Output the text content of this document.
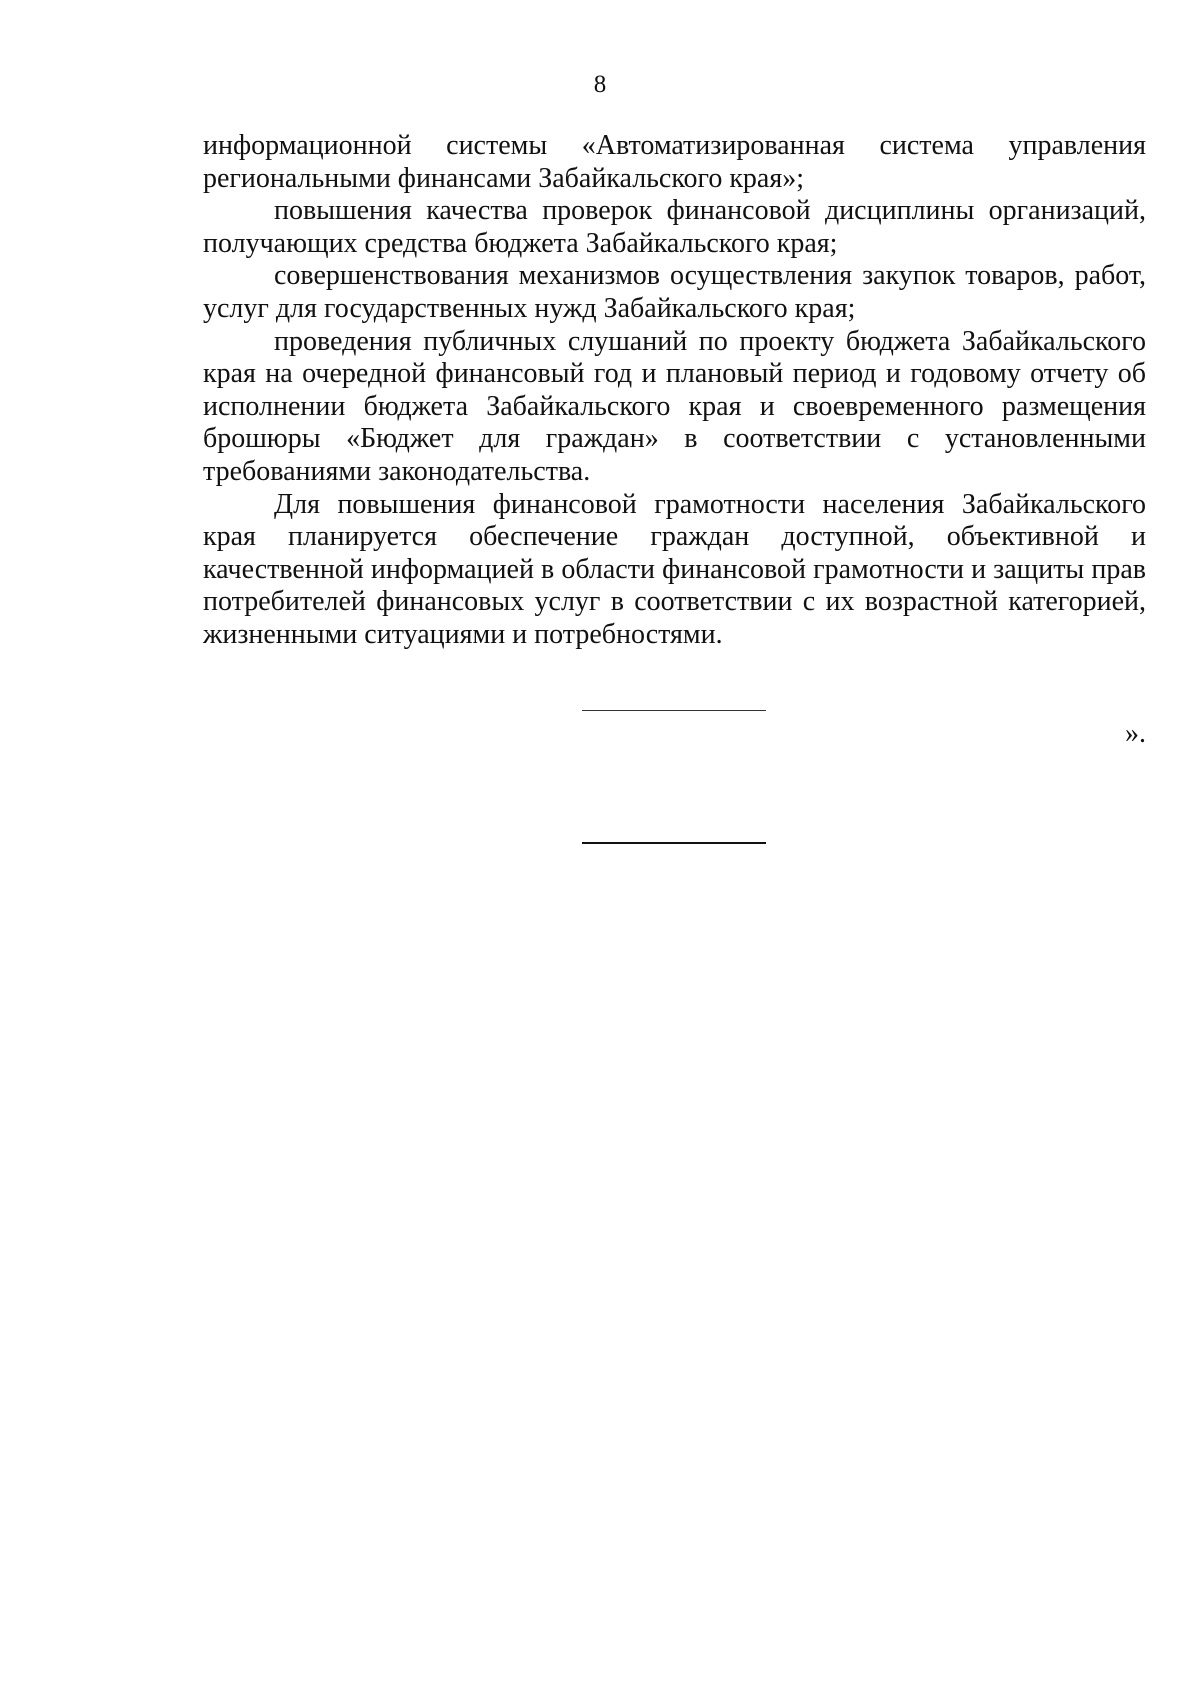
8

информационной системы «Автоматизированная система управления региональными финансами Забайкальского края»;

повышения качества проверок финансовой дисциплины организаций, получающих средства бюджета Забайкальского края;

совершенствования механизмов осуществления закупок товаров, работ, услуг для государственных нужд Забайкальского края;

проведения публичных слушаний по проекту бюджета Забайкальского края на очередной финансовый год и плановый период и годовому отчету об исполнении бюджета Забайкальского края и своевременного размещения брошюры «Бюджет для граждан» в соответствии с установленными требованиями законодательства.

Для повышения финансовой грамотности населения Забайкальского края планируется обеспечение граждан доступной, объективной и качественной информацией в области финансовой грамотности и защиты прав потребителей финансовых услуг в соответствии с их возрастной категорией, жизненными ситуациями и потребностями.

».
